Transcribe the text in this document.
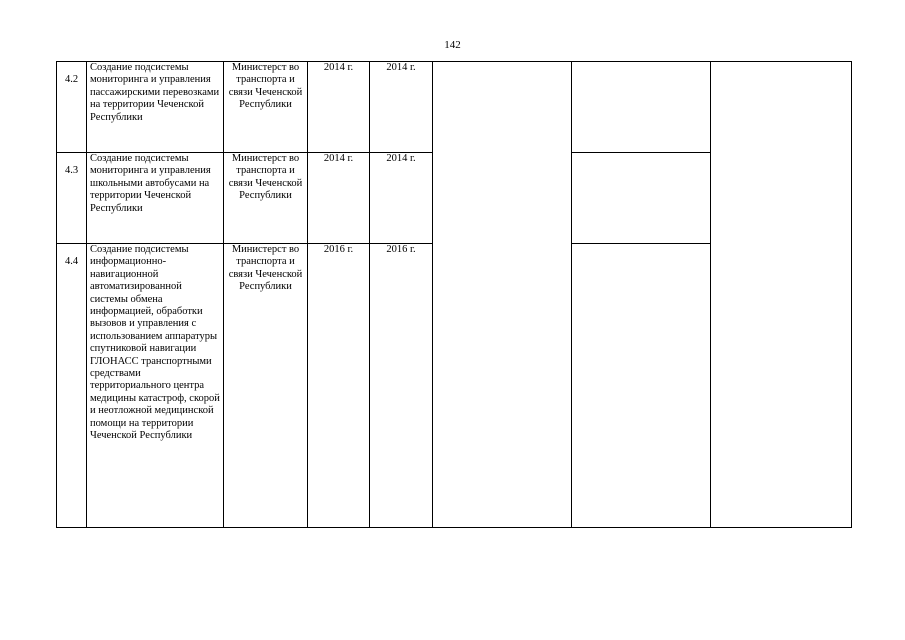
142
4.2	Создание подсистемы мониторинга и управления пассажирскими перевозками на территории Чеченской Республики	Министерст во транспорта и связи Чеченской Республики	2014 г.	2014 г.			
4.3	Создание подсистемы мониторинга и управления школьными автобусами на территории Чеченской Республики	Министерст во транспорта и связи Чеченской Республики	2014 г.	2014 г.			
4.4	Создание подсистемы информационно-навигационной автоматизированной системы обмена информацией, обработки вызовов и управления с использованием аппаратуры спутниковой навигации ГЛОНАСС транспортными средствами территориального центра медицины катастроф, скорой и неотложной медицинской помощи на территории Чеченской Республики	Министерст во транспорта и связи Чеченской Республики	2016 г.	2016 г.			
